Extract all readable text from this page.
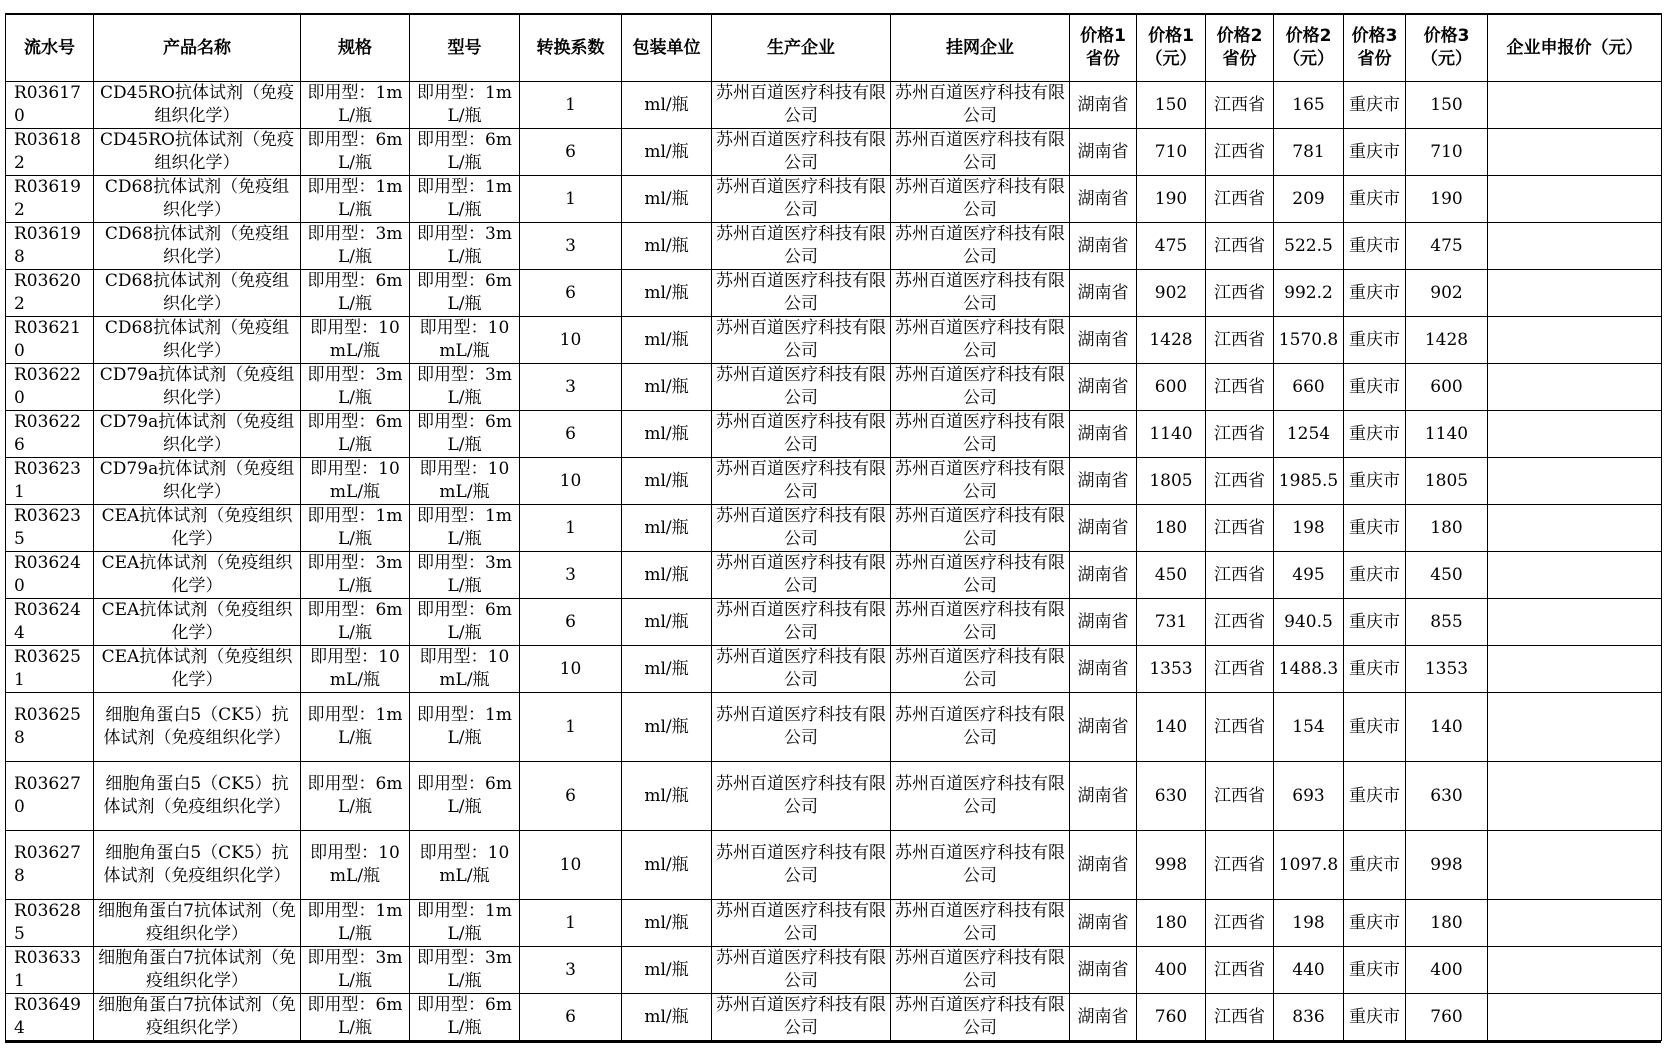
流水号	产品名称	规格	型号	转换系数	包装单位	生产企业	挂网企业	价格1省份	价格1（元）	价格2省份	价格2（元）	价格3省份	价格3（元）	企业申报价（元）
R036170	CD45RO抗体试剂（免疫组织化学）	即用型：1mL/瓶	即用型：1mL/瓶	1	ml/瓶	苏州百道医疗科技有限公司	苏州百道医疗科技有限公司	湖南省	150	江西省	165	重庆市	150	
R036182	CD45RO抗体试剂（免疫组织化学）	即用型：6mL/瓶	即用型：6mL/瓶	6	ml/瓶	苏州百道医疗科技有限公司	苏州百道医疗科技有限公司	湖南省	710	江西省	781	重庆市	710	
R036192	CD68抗体试剂（免疫组织化学）	即用型：1mL/瓶	即用型：1mL/瓶	1	ml/瓶	苏州百道医疗科技有限公司	苏州百道医疗科技有限公司	湖南省	190	江西省	209	重庆市	190	
R036198	CD68抗体试剂（免疫组织化学）	即用型：3mL/瓶	即用型：3mL/瓶	3	ml/瓶	苏州百道医疗科技有限公司	苏州百道医疗科技有限公司	湖南省	475	江西省	522.5	重庆市	475	
R036202	CD68抗体试剂（免疫组织化学）	即用型：6mL/瓶	即用型：6mL/瓶	6	ml/瓶	苏州百道医疗科技有限公司	苏州百道医疗科技有限公司	湖南省	902	江西省	992.2	重庆市	902	
R036210	CD68抗体试剂（免疫组织化学）	即用型：10mL/瓶	即用型：10mL/瓶	10	ml/瓶	苏州百道医疗科技有限公司	苏州百道医疗科技有限公司	湖南省	1428	江西省	1570.8	重庆市	1428	
R036220	CD79a抗体试剂（免疫组织化学）	即用型：3mL/瓶	即用型：3mL/瓶	3	ml/瓶	苏州百道医疗科技有限公司	苏州百道医疗科技有限公司	湖南省	600	江西省	660	重庆市	600	
R036226	CD79a抗体试剂（免疫组织化学）	即用型：6mL/瓶	即用型：6mL/瓶	6	ml/瓶	苏州百道医疗科技有限公司	苏州百道医疗科技有限公司	湖南省	1140	江西省	1254	重庆市	1140	
R036231	CD79a抗体试剂（免疫组织化学）	即用型：10mL/瓶	即用型：10mL/瓶	10	ml/瓶	苏州百道医疗科技有限公司	苏州百道医疗科技有限公司	湖南省	1805	江西省	1985.5	重庆市	1805	
R036235	CEA抗体试剂（免疫组织化学）	即用型：1mL/瓶	即用型：1mL/瓶	1	ml/瓶	苏州百道医疗科技有限公司	苏州百道医疗科技有限公司	湖南省	180	江西省	198	重庆市	180	
R036240	CEA抗体试剂（免疫组织化学）	即用型：3mL/瓶	即用型：3mL/瓶	3	ml/瓶	苏州百道医疗科技有限公司	苏州百道医疗科技有限公司	湖南省	450	江西省	495	重庆市	450	
R036244	CEA抗体试剂（免疫组织化学）	即用型：6mL/瓶	即用型：6mL/瓶	6	ml/瓶	苏州百道医疗科技有限公司	苏州百道医疗科技有限公司	湖南省	731	江西省	940.5	重庆市	855	
R036251	CEA抗体试剂（免疫组织化学）	即用型：10mL/瓶	即用型：10mL/瓶	10	ml/瓶	苏州百道医疗科技有限公司	苏州百道医疗科技有限公司	湖南省	1353	江西省	1488.3	重庆市	1353	
R036258	细胞角蛋白5（CK5）抗体试剂（免疫组织化学）	即用型：1mL/瓶	即用型：1mL/瓶	1	ml/瓶	苏州百道医疗科技有限公司	苏州百道医疗科技有限公司	湖南省	140	江西省	154	重庆市	140	
R036270	细胞角蛋白5（CK5）抗体试剂（免疫组织化学）	即用型：6mL/瓶	即用型：6mL/瓶	6	ml/瓶	苏州百道医疗科技有限公司	苏州百道医疗科技有限公司	湖南省	630	江西省	693	重庆市	630	
R036278	细胞角蛋白5（CK5）抗体试剂（免疫组织化学）	即用型：10mL/瓶	即用型：10mL/瓶	10	ml/瓶	苏州百道医疗科技有限公司	苏州百道医疗科技有限公司	湖南省	998	江西省	1097.8	重庆市	998	
R036285	细胞角蛋白7抗体试剂（免疫组织化学）	即用型：1mL/瓶	即用型：1mL/瓶	1	ml/瓶	苏州百道医疗科技有限公司	苏州百道医疗科技有限公司	湖南省	180	江西省	198	重庆市	180	
R036331	细胞角蛋白7抗体试剂（免疫组织化学）	即用型：3mL/瓶	即用型：3mL/瓶	3	ml/瓶	苏州百道医疗科技有限公司	苏州百道医疗科技有限公司	湖南省	400	江西省	440	重庆市	400	
R036494	细胞角蛋白7抗体试剂（免疫组织化学）	即用型：6mL/瓶	即用型：6mL/瓶	6	ml/瓶	苏州百道医疗科技有限公司	苏州百道医疗科技有限公司	湖南省	760	江西省	836	重庆市	760	
